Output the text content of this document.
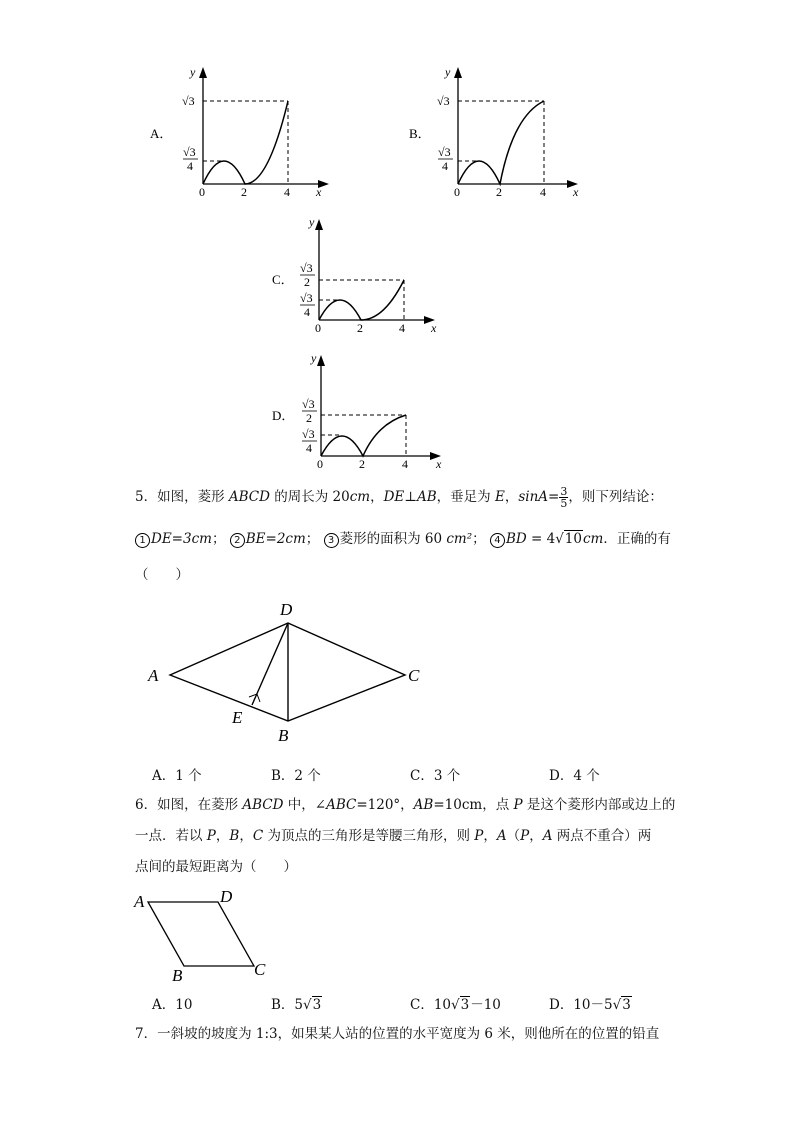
A．
y
x
0	2	4
√3
√3
4
B．
y
x
0	2	4
√3
√3
4
C．
y
x
0	2	4
√3
2
√3
4
D．
y
x
0	2	4
√3
2
√3
4
5．如图，菱形 ABCD 的周长为 20cm，DE⊥AB，垂足为 E，$\sin A= \frac{3}{5}$ ，则下列结论：
1 DE=3cm； 2 BE=2cm； 3 菱形的面积为 60 cm²； 4 BD = 4√10cm．正确的有
（　　）
A
D
C
B
E
A．1 个	B．2 个	C．3 个	D．4 个
6．如图，在菱形 ABCD 中，∠ABC=120°，AB=10cm，点 P 是这个菱形内部或边上的
一点．若以 P，B，C 为顶点的三角形是等腰三角形，则 P，A（P，A 两点不重合）两
点间的最短距离为（　　）
A	D
B	C
A．10	B．5√3	C．10√3－10	D．10－5√3
7．一斜坡的坡度为 1:3，如果某人站的位置的水平宽度为 6 米，则他所在的位置的铅直
